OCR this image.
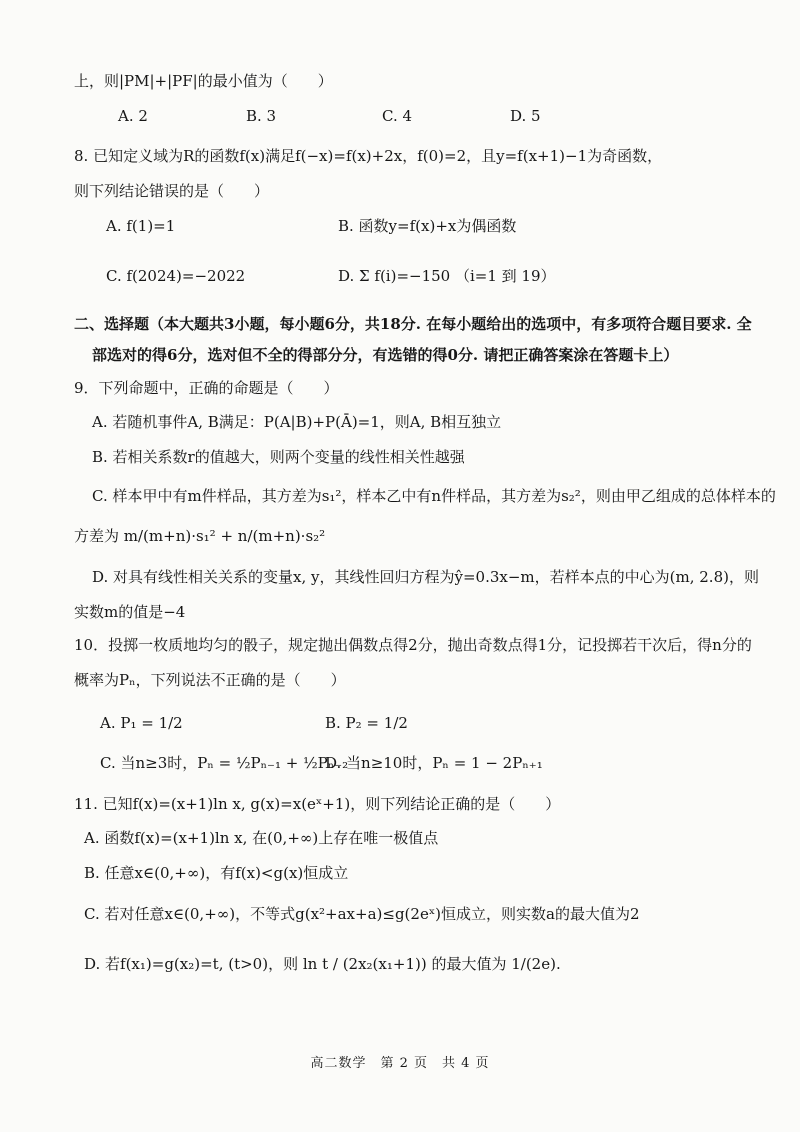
上，则|PM|+|PF|的最小值为（　　）
A. 2	B. 3	C. 4	D. 5
8. 已知定义域为R的函数f(x)满足f(−x)=f(x)+2x，f(0)=2，且y=f(x+1)−1为奇函数，
则下列结论错误的是（　　）
A. f(1)=1	B. 函数y=f(x)+x为偶函数
C. f(2024)=−2022	D. Σ f(i)=−150 （i=1 到 19）
二、选择题（本大题共3小题，每小题6分，共18分. 在每小题给出的选项中，有多项符合题目要求. 全
部选对的得6分，选对但不全的得部分分，有选错的得0分. 请把正确答案涂在答题卡上）
9．下列命题中，正确的命题是（　　）
A. 若随机事件A, B满足：P(A|B)+P(Ā)=1，则A, B相互独立
B. 若相关系数r的值越大，则两个变量的线性相关性越强
C. 样本甲中有m件样品，其方差为s₁²，样本乙中有n件样品，其方差为s₂²，则由甲乙组成的总体样本的
方差为 m/(m+n)·s₁² + n/(m+n)·s₂²
D. 对具有线性相关关系的变量x, y，其线性回归方程为ŷ=0.3x−m，若样本点的中心为(m, 2.8)，则
实数m的值是−4
10．投掷一枚质地均匀的骰子，规定抛出偶数点得2分，抛出奇数点得1分，记投掷若干次后，得n分的
概率为Pₙ，下列说法不正确的是（　　）
A. P₁ = 1/2	B. P₂ = 1/2
C. 当n≥3时，Pₙ = ½Pₙ₋₁ + ½Pₙ₋₂
D. 当n≥10时，Pₙ = 1 − 2Pₙ₊₁
11. 已知f(x)=(x+1)ln x, g(x)=x(eˣ+1)，则下列结论正确的是（　　）
A. 函数f(x)=(x+1)ln x, 在(0,+∞)上存在唯一极值点
B. 任意x∈(0,+∞)，有f(x)<g(x)恒成立
C. 若对任意x∈(0,+∞)，不等式g(x²+ax+a)≤g(2eˣ)恒成立，则实数a的最大值为2
D. 若f(x₁)=g(x₂)=t, (t>0)，则 ln t / (2x₂(x₁+1)) 的最大值为 1/(2e).
高二数学　第 2 页　共 4 页
